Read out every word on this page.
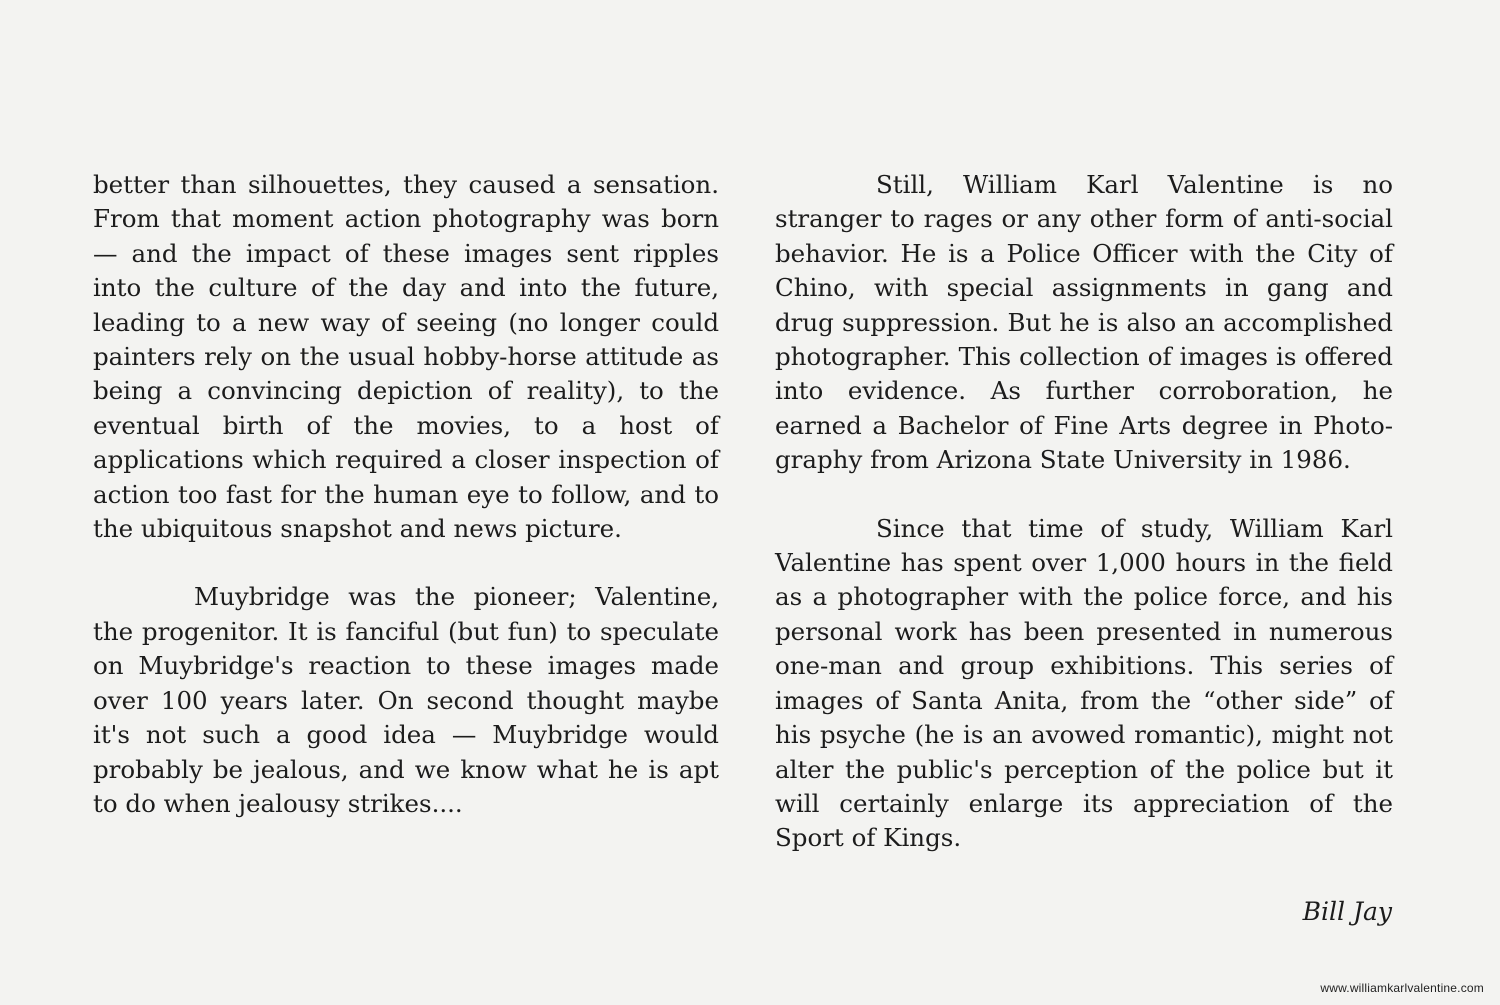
better than silhouettes, they caused a sensation. From that moment action photography was born — and the impact of these images sent ripples into the culture of the day and into the future, leading to a new way of seeing (no longer could painters rely on the usual hobby-horse attitude as being a convincing depiction of reality), to the eventual birth of the movies, to a host of applications which required a closer inspection of action too fast for the human eye to follow, and to the ubiquitous snapshot and news picture.

Muybridge was the pioneer; Valentine, the progenitor. It is fanciful (but fun) to speculate on Muybridge's reaction to these images made over 100 years later. On second thought maybe it's not such a good idea — Muybridge would probably be jealous, and we know what he is apt to do when jealousy strikes....

Still, William Karl Valentine is no stranger to rages or any other form of anti-social behavior. He is a Police Officer with the City of Chino, with special assignments in gang and drug suppression. But he is also an accomplished photographer. This collection of images is offered into evidence. As further corroboration, he earned a Bachelor of Fine Arts degree in Photography from Arizona State University in 1986.

Since that time of study, William Karl Valentine has spent over 1,000 hours in the field as a photographer with the police force, and his personal work has been presented in numerous one-man and group exhibitions. This series of images of Santa Anita, from the “other side” of his psyche (he is an avowed romantic), might not alter the public's perception of the police but it will certainly enlarge its appreciation of the Sport of Kings.

Bill Jay

www.williamkarlvalentine.com
